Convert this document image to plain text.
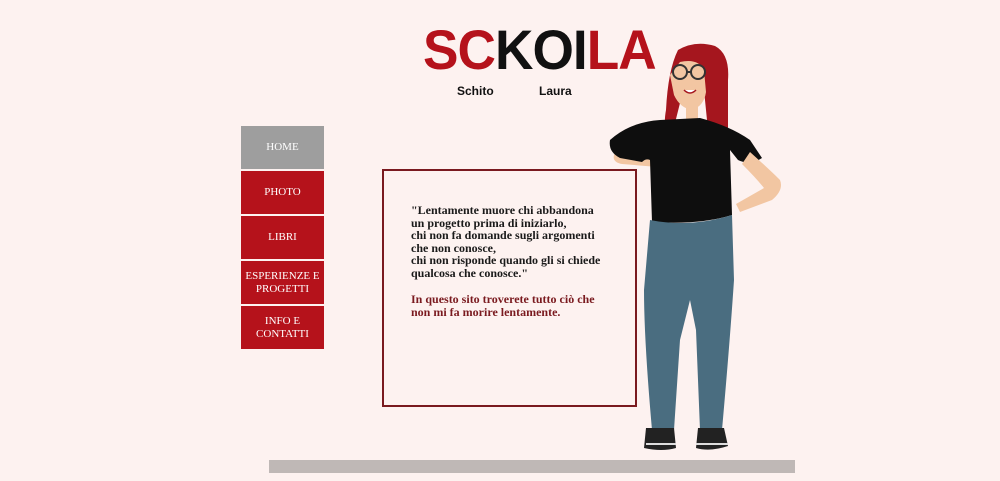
SCKOILA
Schito	Laura
HOME
PHOTO
LIBRI
ESPERIENZE E PROGETTI
INFO E CONTATTI
"Lentamente muore chi abbandona
un progetto prima di iniziarlo,
chi non fa domande sugli argomenti
che non conosce,
chi non risponde quando gli si chiede
qualcosa che conosce."
In questo sito troverete tutto ciò che
non mi fa morire lentamente.
